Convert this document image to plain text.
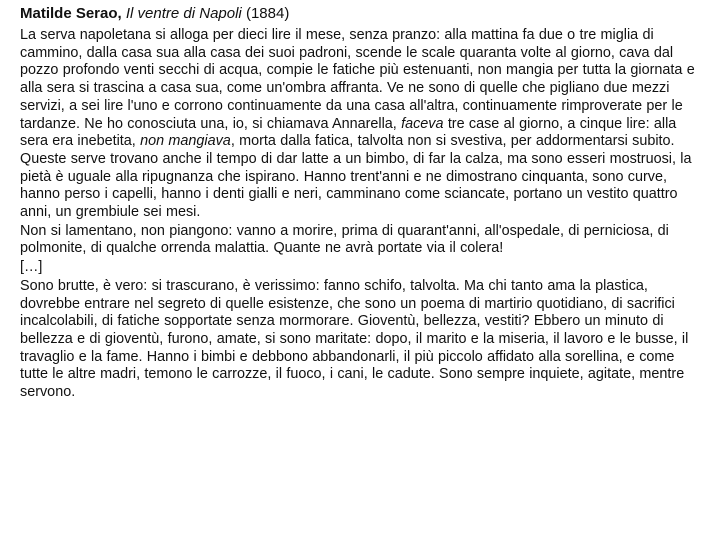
Matilde Serao, Il ventre di Napoli (1884)

La serva napoletana si alloga per dieci lire il mese, senza pranzo: alla mattina fa due o tre miglia di cammino, dalla casa sua alla casa dei suoi padroni, scende le scale quaranta volte al giorno, cava dal pozzo profondo venti secchi di acqua, compie le fatiche più estenuanti, non mangia per tutta la giornata e alla sera si trascina a casa sua, come un'ombra affranta. Ve ne sono di quelle che pigliano due mezzi servizi, a sei lire l'uno e corrono continuamente da una casa all'altra, continuamente rimproverate per le tardanze. Ne ho conosciuta una, io, si chiamava Annarella, faceva tre case al giorno, a cinque lire: alla sera era inebetita, non mangiava, morta dalla fatica, talvolta non si svestiva, per addormentarsi subito. Queste serve trovano anche il tempo di dar latte a un bimbo, di far la calza, ma sono esseri mostruosi, la pietà è uguale alla ripugnanza che ispirano. Hanno trent'anni e ne dimostrano cinquanta, sono curve, hanno perso i capelli, hanno i denti gialli e neri, camminano come sciancate, portano un vestito quattro anni, un grembiule sei mesi.

Non si lamentano, non piangono: vanno a morire, prima di quarant'anni, all'ospedale, di perniciosa, di polmonite, di qualche orrenda malattia. Quante ne avrà portate via il colera!

[…]

Sono brutte, è vero: si trascurano, è verissimo: fanno schifo, talvolta. Ma chi tanto ama la plastica, dovrebbe entrare nel segreto di quelle esistenze, che sono un poema di martirio quotidiano, di sacrifici incalcolabili, di fatiche sopportate senza mormorare. Gioventù, bellezza, vestiti? Ebbero un minuto di bellezza e di gioventù, furono, amate, si sono maritate: dopo, il marito e la miseria, il lavoro e le busse, il travaglio e la fame. Hanno i bimbi e debbono abbandonarli, il più piccolo affidato alla sorellina, e come tutte le altre madri, temono le carrozze, il fuoco, i cani, le cadute. Sono sempre inquiete, agitate, mentre servono.
